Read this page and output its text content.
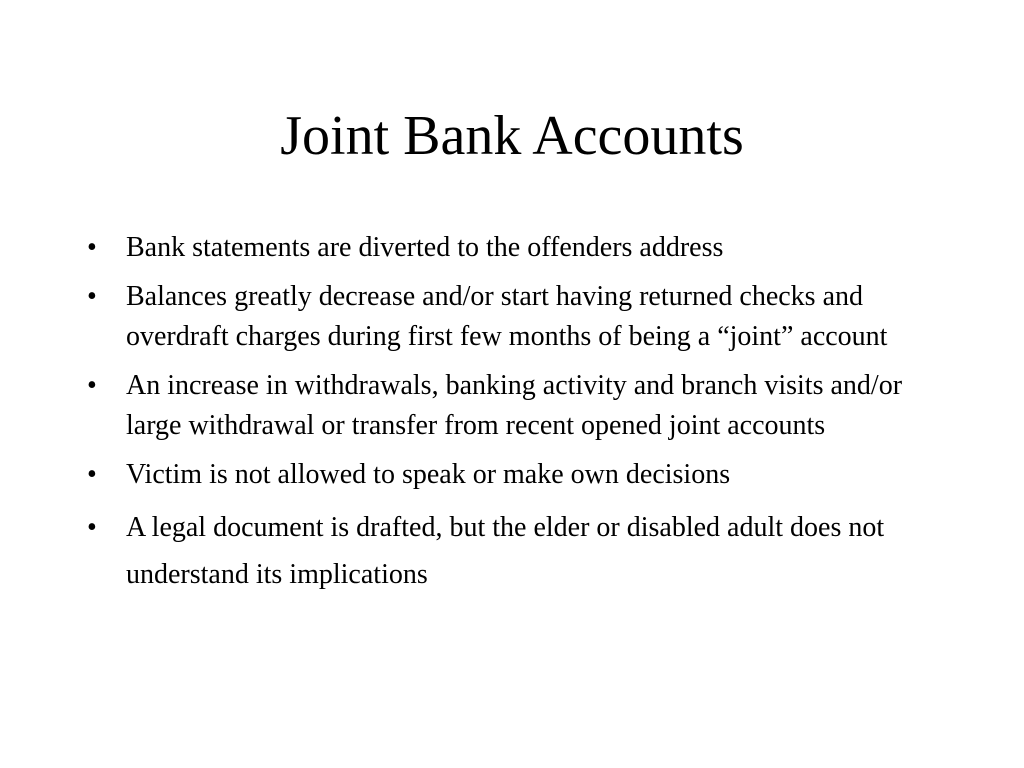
Joint Bank Accounts
• Bank statements are diverted to the offenders address
• Balances greatly decrease and/or start having returned checks and overdraft charges during first few months of being a “joint” account
• An increase in withdrawals, banking activity and branch visits and/or large withdrawal or transfer from recent opened joint accounts
• Victim is not allowed to speak or make own decisions
• A legal document is drafted, but the elder or disabled adult does not understand its implications
